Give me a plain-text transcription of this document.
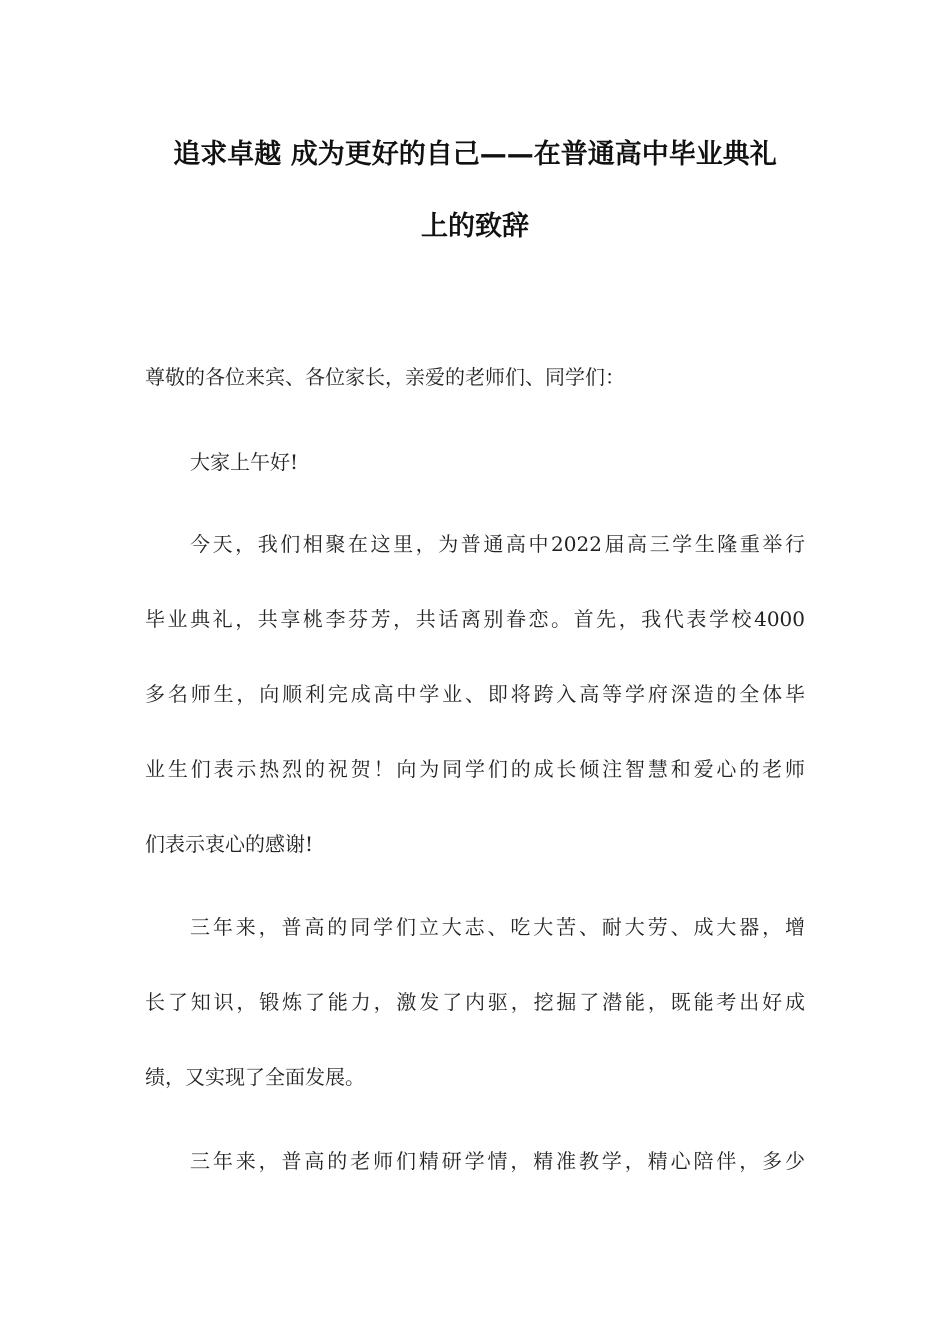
追求卓越 成为更好的自己——在普通高中毕业典礼
上的致辞

尊敬的各位来宾、各位家长，亲爱的老师们、同学们：

大家上午好!

今天，我们相聚在这里，为普通高中2022届高三学生隆重举行

毕业典礼，共享桃李芬芳，共话离别眷恋。首先，我代表学校4000

多名师生，向顺利完成高中学业、即将跨入高等学府深造的全体毕

业生们表示热烈的祝贺！向为同学们的成长倾注智慧和爱心的老师

们表示衷心的感谢!

三年来，普高的同学们立大志、吃大苦、耐大劳、成大器，增

长了知识，锻炼了能力，激发了内驱，挖掘了潜能，既能考出好成

绩，又实现了全面发展。

三年来，普高的老师们精研学情，精准教学，精心陪伴，多少
